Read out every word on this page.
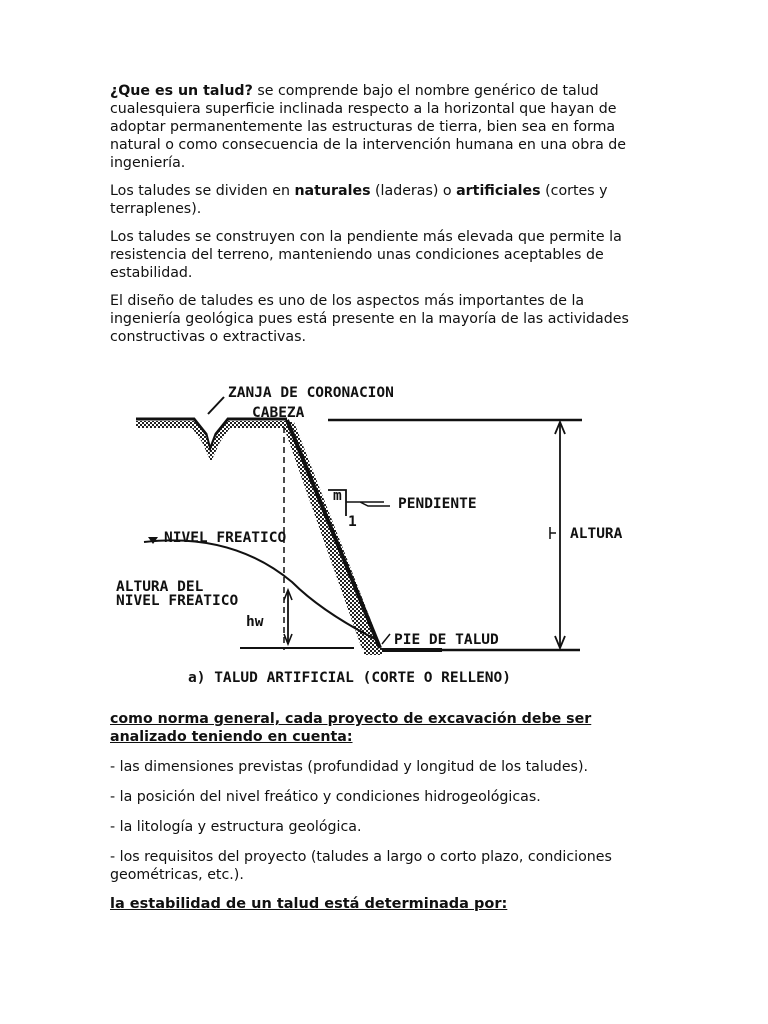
¿Que es un talud? se comprende bajo el nombre genérico de talud cualesquiera superficie inclinada respecto a la horizontal que hayan de adoptar permanentemente las estructuras de tierra, bien sea en forma natural o como consecuencia de la intervención humana en una obra de ingeniería.

Los taludes se dividen en naturales (laderas) o artificiales (cortes y terraplenes).

Los taludes se construyen con la pendiente más elevada que permite la resistencia del terreno, manteniendo unas condiciones aceptables de estabilidad.

El diseño de taludes es uno de los aspectos más importantes de la ingeniería geológica pues está presente en la mayoría de las actividades constructivas o extractivas.

ZANJA DE CORONACION
CABEZA
m
1
PENDIENTE
ALTURA
NIVEL FREATICO
ALTURA DEL
NIVEL FREATICO
hw
PIE DE TALUD
a) TALUD ARTIFICIAL (CORTE O RELLENO)
como norma general, cada proyecto de excavación debe ser analizado teniendo en cuenta:
- las dimensiones previstas (profundidad y longitud de los taludes).
- la posición del nivel freático y condiciones hidrogeológicas.
- la litología y estructura geológica.
- los requisitos del proyecto (taludes a largo o corto plazo, condiciones geométricas, etc.).
la estabilidad de un talud está determinada por:
